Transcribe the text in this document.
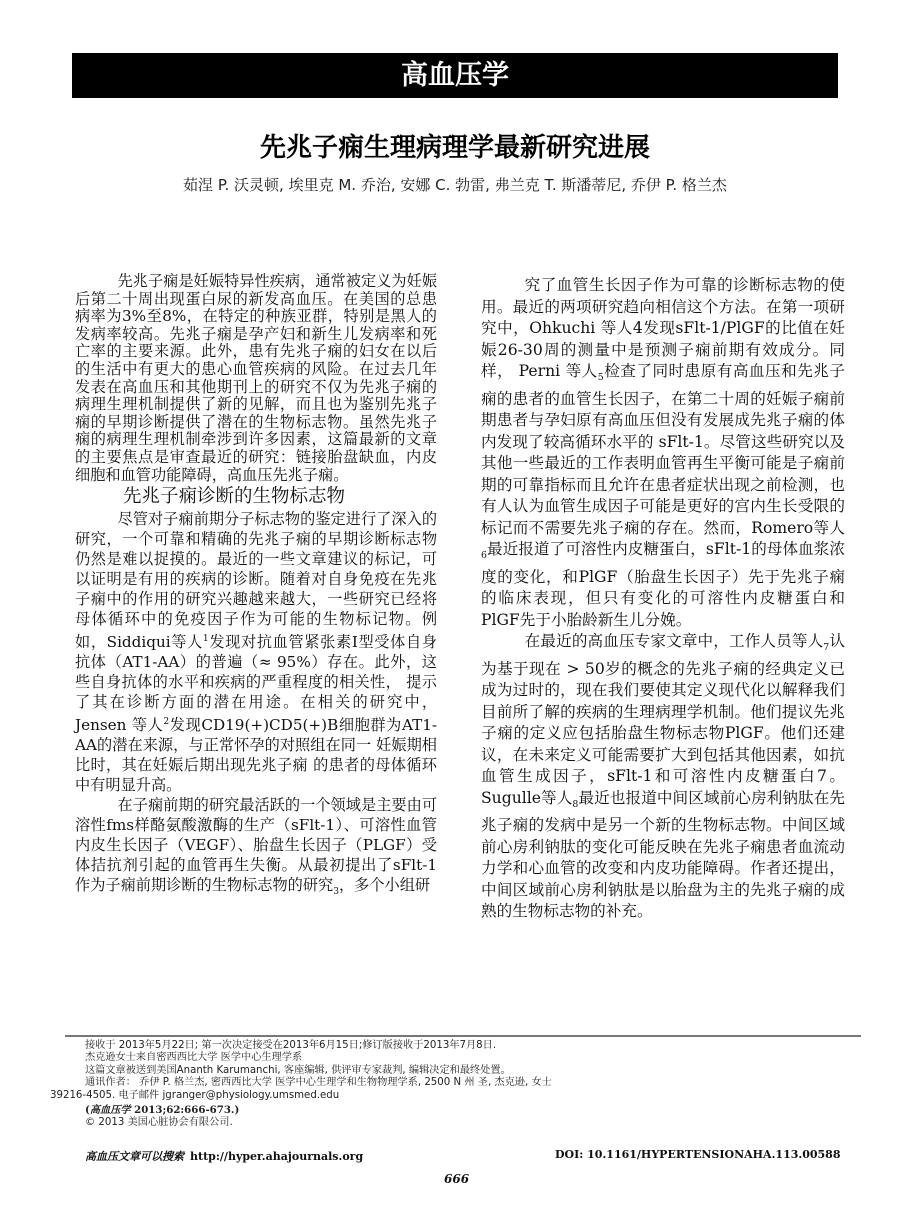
高血压学
先兆子痫生理病理学最新研究进展
茹涅 P. 沃灵顿, 埃里克 M. 乔治, 安娜 C. 勃雷, 弗兰克 T. 斯潘蒂尼, 乔伊 P. 格兰杰

先兆子痫是妊娠特异性疾病，通常被定义为妊娠后第二十周出现蛋白尿的新发高血压。在美国的总患病率为3%至8%，在特定的种族亚群，特别是黑人的发病率较高。先兆子痫是孕产妇和新生儿发病率和死亡率的主要来源。此外，患有先兆子痫的妇女在以后的生活中有更大的患心血管疾病的风险。在过去几年发表在高血压和其他期刊上的研究不仅为先兆子痫的病理生理机制提供了新的见解，而且也为鉴别先兆子痫的早期诊断提供了潜在的生物标志物。虽然先兆子痫的病理生理机制牵涉到许多因素，这篇最新的文章的主要焦点是审查最近的研究：链接胎盘缺血，内皮细胞和血管功能障碍，高血压先兆子痫。

先兆子痫诊断的生物标志物

尽管对子痫前期分子标志物的鉴定进行了深入的研究，一个可靠和精确的先兆子痫的早期诊断标志物仍然是难以捉摸的。最近的一些文章建议的标记，可以证明是有用的疾病的诊断。随着对自身免疫在先兆子痫中的作用的研究兴趣越来越大，一些研究已经将母体循环中的免疫因子作为可能的生物标记物。例如，Siddiqui等人$^1$发现对抗血管紧张素I型受体自身抗体（AT1-AA）的普遍（≈ 95%）存在。此外，这些自身抗体的水平和疾病的严重程度的相关性， 提示了其在诊断方面的潜在用途。在相关的研究中，Jensen 等人$^2$发现CD19(+)CD5(+)B细胞群为AT1-AA的潜在来源，与正常怀孕的对照组在同一 妊娠期相比时，其在妊娠后期出现先兆子痫 的患者的母体循环中有明显升高。

在子痫前期的研究最活跃的一个领域是主要由可溶性fms样酪氨酸激酶的生产（sFlt-1）、可溶性血管内皮生长因子（VEGF）、胎盘生长因子（PLGF）受体拮抗剂引起的血管再生失衡。从最初提出了sFlt-1作为子痫前期诊断的生物标志物的研究$_3$，多个小组研

究了血管生长因子作为可靠的诊断标志物的使用。最近的两项研究趋向相信这个方法。在第一项研究中，Ohkuchi 等人4发现sFlt-1/PlGF的比值在妊娠26-30周的测量中是预测子痫前期有效成分。同样， Perni 等人$_5$检查了同时患原有高血压和先兆子痫的患者的血管生长因子，在第二十周的妊娠子痫前期患者与孕妇原有高血压但没有发展成先兆子痫的体内发现了较高循环水平的 sFlt-1。尽管这些研究以及其他一些最近的工作表明血管再生平衡可能是子痫前期的可靠指标而且允许在患者症状出现之前检测，也有人认为血管生成因子可能是更好的宫内生长受限的标记而不需要先兆子痫的存在。然而，Romero等人$_6$最近报道了可溶性内皮糖蛋白，sFlt-1的母体血浆浓度的变化，和PlGF（胎盘生长因子）先于先兆子痫的临床表现，但只有变化的可溶性内皮糖蛋白和PlGF先于小胎龄新生儿分娩。

在最近的高血压专家文章中，工作人员等人$_7$认为基于现在 > 50岁的概念的先兆子痫的经典定义已成为过时的，现在我们要使其定义现代化以解释我们目前所了解的疾病的生理病理学机制。他们提议先兆子痫的定义应包括胎盘生物标志物PlGF。他们还建议，在未来定义可能需要扩大到包括其他因素，如抗血管生成因子，sFlt-1和可溶性内皮糖蛋白7。Sugulle等人$_8$最近也报道中间区域前心房利钠肽在先兆子痫的发病中是另一个新的生物标志物。中间区域前心房利钠肽的变化可能反映在先兆子痫患者血流动力学和心血管的改变和内皮功能障碍。作者还提出，中间区域前心房利钠肽是以胎盘为主的先兆子痫的成熟的生物标志物的补充。

接收于 2013年5月22日; 第一次决定接受在2013年6月15日;修订版接收于2013年7月8日.
杰克逊女士来自密西西比大学 医学中心生理学系
这篇文章被送到美国Ananth Karumanchi, 客座编辑, 供评审专家裁判, 编辑决定和最终处置。
通讯作者： 乔伊 P. 格兰杰, 密西西比大学 医学中心生理学和生物物理学系, 2500 N 州 圣, 杰克逊, 女士
39216-4505. 电子邮件 jgranger@physiology.umsmed.edu
(高血压学 2013;62:666-673.)
© 2013 美国心脏协会有限公司.
高血压文章可以搜索 http://hyper.ahajournals.org	DOI: 10.1161/HYPERTENSIONAHA.113.00588
666
